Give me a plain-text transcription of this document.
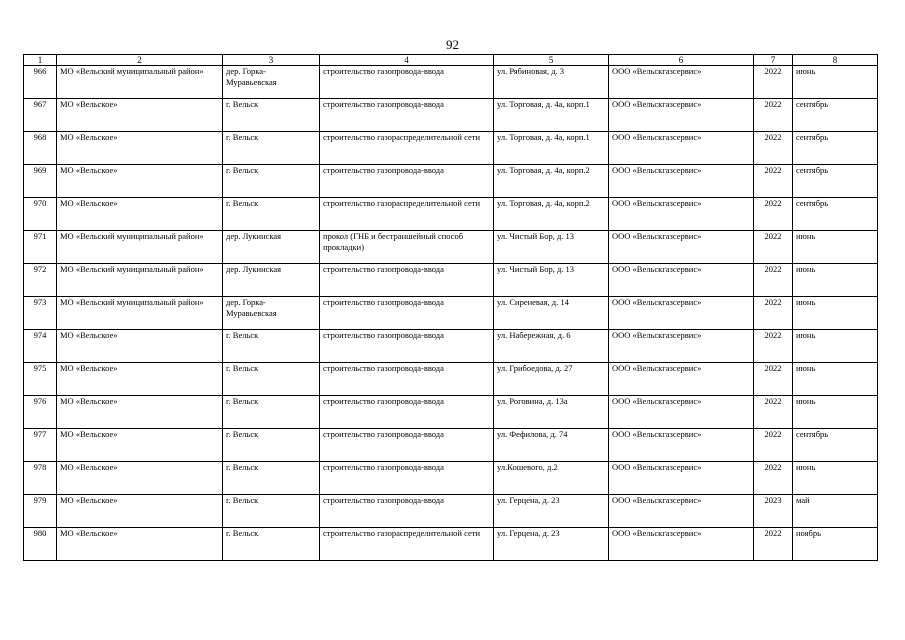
92
1	2	3	4	5	6	7	8
966	МО «Вельский муниципальный район»	дер. Горка-Муравьевская	строительство газопровода-ввода	ул. Рябиновая, д. 3	ООО «Вельскгазсервис»	2022	июнь
967	МО «Вельское»	г. Вельск	строительство газопровода-ввода	ул. Торговая, д. 4а, корп.1	ООО «Вельскгазсервис»	2022	сентябрь
968	МО «Вельское»	г. Вельск	строительство газораспределительной сети	ул. Торговая, д. 4а, корп.1	ООО «Вельскгазсервис»	2022	сентябрь
969	МО «Вельское»	г. Вельск	строительство газопровода-ввода	ул. Торговая, д. 4а, корп.2	ООО «Вельскгазсервис»	2022	сентябрь
970	МО «Вельское»	г. Вельск	строительство газораспределительной сети	ул. Торговая, д. 4а, корп.2	ООО «Вельскгазсервис»	2022	сентябрь
971	МО «Вельский муниципальный район»	дер. Лукинская	прокол (ГНБ и бестраншейный способ прокладки)	ул. Чистый Бор, д. 13	ООО «Вельскгазсервис»	2022	июнь
972	МО «Вельский муниципальный район»	дер. Лукинская	строительство газопровода-ввода	ул. Чистый Бор, д. 13	ООО «Вельскгазсервис»	2022	июнь
973	МО «Вельский муниципальный район»	дер. Горка-Муравьевская	строительство газопровода-ввода	ул. Сиреневая, д. 14	ООО «Вельскгазсервис»	2022	июнь
974	МО «Вельское»	г. Вельск	строительство газопровода-ввода	ул. Набережная, д. 6	ООО «Вельскгазсервис»	2022	июнь
975	МО «Вельское»	г. Вельск	строительство газопровода-ввода	ул. Грибоедова, д. 27	ООО «Вельскгазсервис»	2022	июнь
976	МО «Вельское»	г. Вельск	строительство газопровода-ввода	ул. Роговина, д. 13а	ООО «Вельскгазсервис»	2022	июнь
977	МО «Вельское»	г. Вельск	строительство газопровода-ввода	ул. Фефилова, д. 74	ООО «Вельскгазсервис»	2022	сентябрь
978	МО «Вельское»	г. Вельск	строительство газопровода-ввода	ул.Кошевого, д.2	ООО «Вельскгазсервис»	2022	июнь
979	МО «Вельское»	г. Вельск	строительство газопровода-ввода	ул. Герцена, д. 23	ООО «Вельскгазсервис»	2023	май
980	МО «Вельское»	г. Вельск	строительство газораспределительной сети	ул. Герцена, д. 23	ООО «Вельскгазсервис»	2022	ноябрь
